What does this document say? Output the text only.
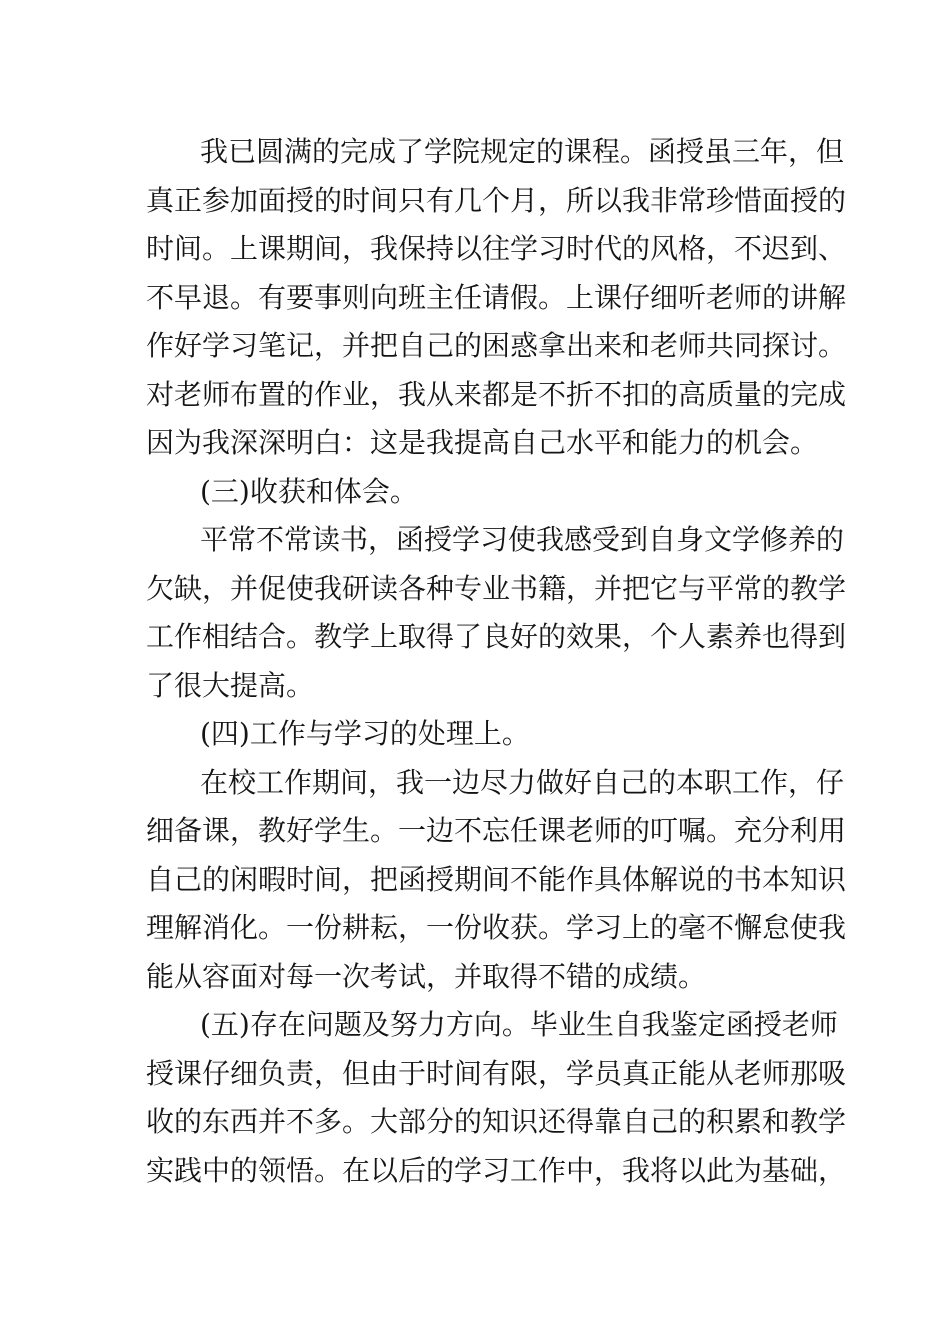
我已圆满的完成了学院规定的课程。函授虽三年，但
真正参加面授的时间只有几个月，所以我非常珍惜面授的
时间。上课期间，我保持以往学习时代的风格，不迟到、
不早退。有要事则向班主任请假。上课仔细听老师的讲解
作好学习笔记，并把自己的困惑拿出来和老师共同探讨。
对老师布置的作业，我从来都是不折不扣的高质量的完成
因为我深深明白：这是我提高自己水平和能力的机会。
(三)收获和体会。
平常不常读书，函授学习使我感受到自身文学修养的
欠缺，并促使我研读各种专业书籍，并把它与平常的教学
工作相结合。教学上取得了良好的效果，个人素养也得到
了很大提高。
(四)工作与学习的处理上。
在校工作期间，我一边尽力做好自己的本职工作，仔
细备课，教好学生。一边不忘任课老师的叮嘱。充分利用
自己的闲暇时间，把函授期间不能作具体解说的书本知识
理解消化。一份耕耘，一份收获。学习上的毫不懈怠使我
能从容面对每一次考试，并取得不错的成绩。
(五)存在问题及努力方向。毕业生自我鉴定函授老师
授课仔细负责，但由于时间有限，学员真正能从老师那吸
收的东西并不多。大部分的知识还得靠自己的积累和教学
实践中的领悟。在以后的学习工作中，我将以此为基础，
